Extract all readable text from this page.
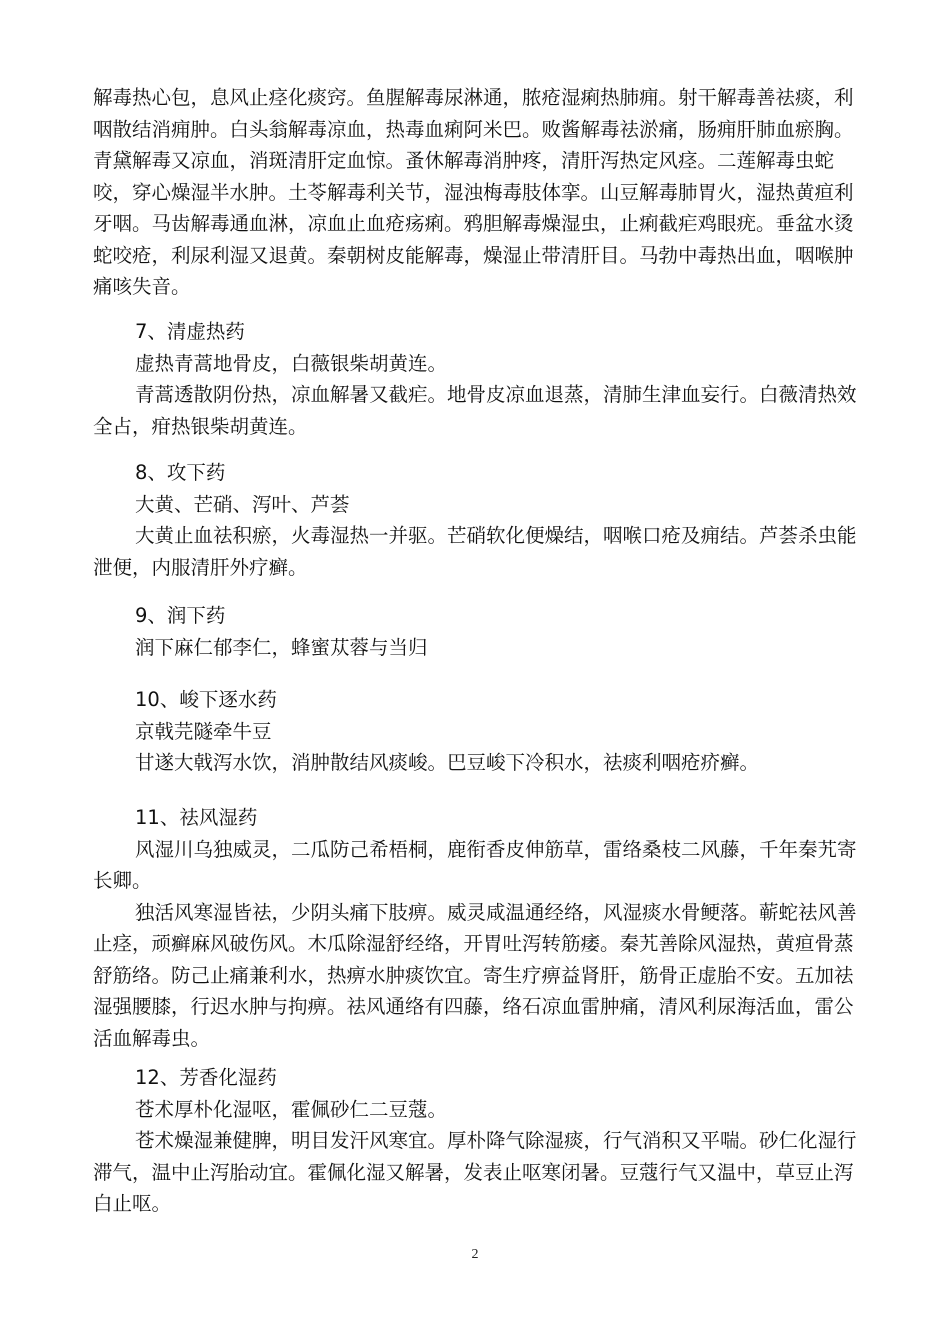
解毒热心包，息风止痉化痰窍。鱼腥解毒尿淋通，脓疮湿痢热肺痈。射干解毒善祛痰，利咽散结消痈肿。白头翁解毒凉血，热毒血痢阿米巴。败酱解毒祛淤痛，肠痈肝肺血瘀胸。青黛解毒又凉血，消斑清肝定血惊。蚤休解毒消肿疼，清肝泻热定风痉。二莲解毒虫蛇咬，穿心燥湿半水肿。土苓解毒利关节，湿浊梅毒肢体挛。山豆解毒肺胃火，湿热黄疸利牙咽。马齿解毒通血淋，凉血止血疮疡痢。鸦胆解毒燥湿虫，止痢截疟鸡眼疣。垂盆水烫蛇咬疮，利尿利湿又退黄。秦朝树皮能解毒，燥湿止带清肝目。马勃中毒热出血，咽喉肿痛咳失音。

7、清虚热药

虚热青蒿地骨皮，白薇银柴胡黄连。

青蒿透散阴份热，凉血解暑又截疟。地骨皮凉血退蒸，清肺生津血妄行。白薇清热效全占，疳热银柴胡黄连。

8、攻下药

大黄、芒硝、泻叶、芦荟

大黄止血祛积瘀，火毒湿热一并驱。芒硝软化便燥结，咽喉口疮及痈结。芦荟杀虫能泄便，内服清肝外疗癣。

9、润下药

润下麻仁郁李仁，蜂蜜苁蓉与当归

10、峻下逐水药

京戟芫隧牵牛豆

甘遂大戟泻水饮，消肿散结风痰峻。巴豆峻下冷积水，祛痰利咽疮疥癣。

11、祛风湿药

风湿川乌独威灵，二瓜防己希梧桐，鹿衔香皮伸筋草，雷络桑枝二风藤，千年秦艽寄长卿。

独活风寒湿皆祛，少阴头痛下肢痹。威灵咸温通经络，风湿痰水骨鲠落。蕲蛇祛风善止痉，顽癣麻风破伤风。木瓜除湿舒经络，开胃吐泻转筋痿。秦艽善除风湿热，黄疸骨蒸舒筋络。防己止痛兼利水，热痹水肿痰饮宜。寄生疗痹益肾肝，筋骨正虚胎不安。五加祛湿强腰膝，行迟水肿与拘痹。祛风通络有四藤，络石凉血雷肿痛，清风利尿海活血，雷公活血解毒虫。

12、芳香化湿药

苍术厚朴化湿呕，霍佩砂仁二豆蔻。

苍术燥湿兼健脾，明目发汗风寒宜。厚朴降气除湿痰，行气消积又平喘。砂仁化湿行滞气，温中止泻胎动宜。霍佩化湿又解暑，发表止呕寒闭暑。豆蔻行气又温中，草豆止泻白止呕。

2
